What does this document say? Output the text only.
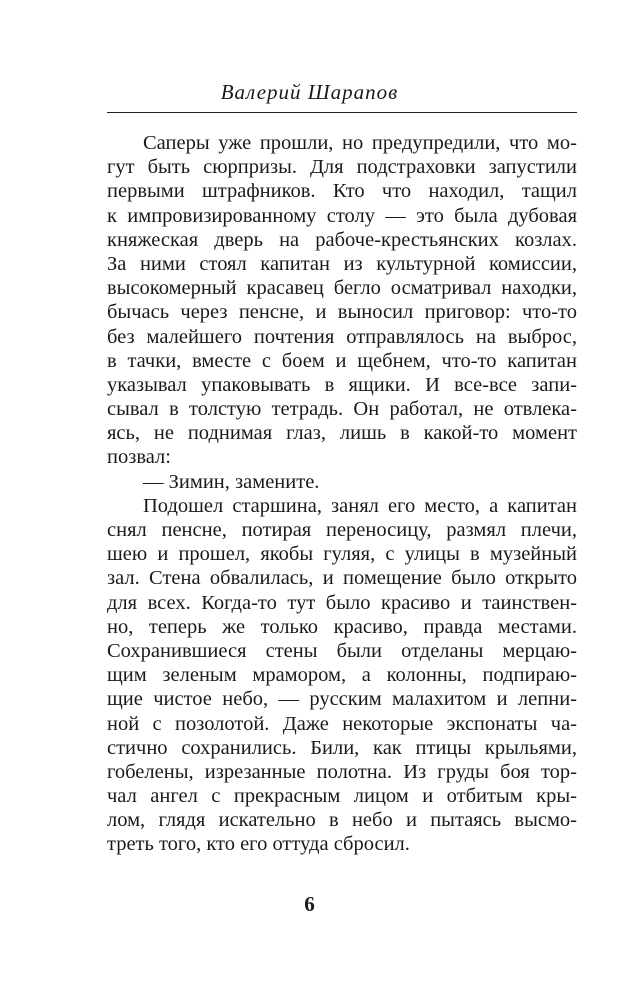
Валерий Шарапов
Саперы уже прошли, но предупредили, что мо-
гут быть сюрпризы. Для подстраховки запустили
первыми штрафников. Кто что находил, тащил
к импровизированному столу — это была дубовая
княжеская дверь на рабоче-крестьянских козлах.
За ними стоял капитан из культурной комиссии,
высокомерный красавец бегло осматривал находки,
бычась через пенсне, и выносил приговор: что-то
без малейшего почтения отправлялось на выброс,
в тачки, вместе с боем и щебнем, что-то капитан
указывал упаковывать в ящики. И все-все запи-
сывал в толстую тетрадь. Он работал, не отвлека-
ясь, не поднимая глаз, лишь в какой-то момент
позвал:
— Зимин, замените.
Подошел старшина, занял его место, а капитан
снял пенсне, потирая переносицу, размял плечи,
шею и прошел, якобы гуляя, с улицы в музейный
зал. Стена обвалилась, и помещение было открыто
для всех. Когда-то тут было красиво и таинствен-
но, теперь же только красиво, правда местами.
Сохранившиеся стены были отделаны мерцаю-
щим зеленым мрамором, а колонны, подпираю-
щие чистое небо, — русским малахитом и лепни-
ной с позолотой. Даже некоторые экспонаты ча-
стично сохранились. Били, как птицы крыльями,
гобелены, изрезанные полотна. Из груды боя тор-
чал ангел с прекрасным лицом и отбитым кры-
лом, глядя искательно в небо и пытаясь высмо-
треть того, кто его оттуда сбросил.
6
